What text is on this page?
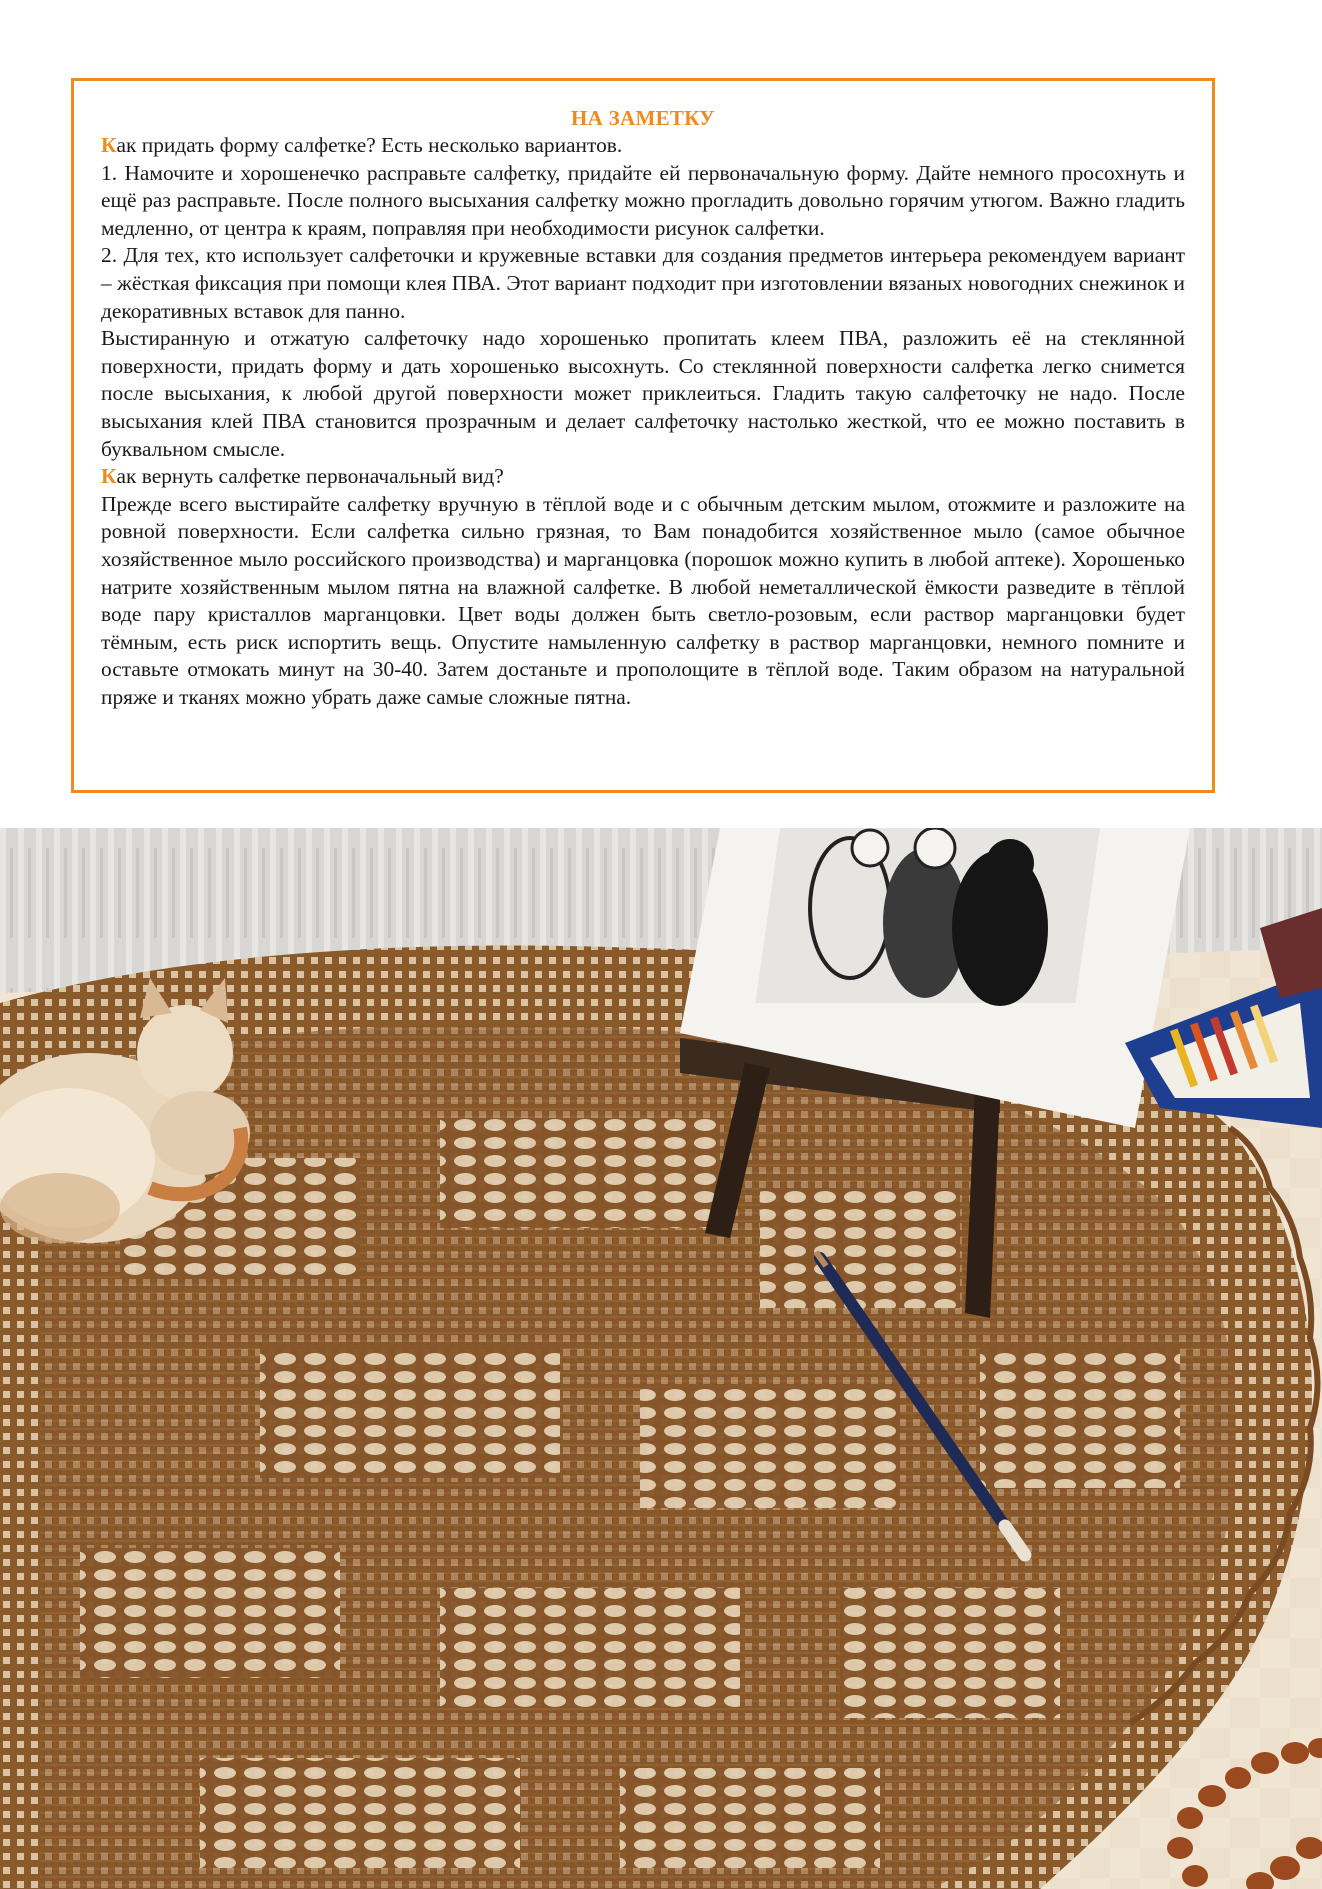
НА ЗАМЕТКУ

Как придать форму салфетке? Есть несколько вариантов.

1. Намочите и хорошенечко расправьте салфетку, придайте ей первоначальную форму. Дайте немного просохнуть и ещё раз расправьте. После полного высыхания салфетку можно прогладить довольно горячим утюгом. Важно гладить медленно, от центра к краям, поправляя при необходимости рисунок салфетки.

2. Для тех, кто использует салфеточки и кружевные вставки для создания предметов интерьера рекомендуем вариант – жёсткая фиксация при помощи клея ПВА. Этот вариант подходит при изготовлении вязаных новогодних снежинок и декоративных вставок для панно.

Выстиранную и отжатую салфеточку надо хорошенько пропитать клеем ПВА, разложить её на стеклянной поверхности, придать форму и дать хорошенько высохнуть. Со стеклянной поверхности салфетка легко снимется после высыхания, к любой другой поверхности может приклеиться. Гладить такую салфеточку не надо. После высыхания клей ПВА становится прозрачным и делает салфеточку настолько жесткой, что ее можно поставить в буквальном смысле.

Как вернуть салфетке первоначальный вид?

Прежде всего выстирайте салфетку вручную в тёплой воде и с обычным детским мылом, отожмите и разложите на ровной поверхности. Если салфетка сильно грязная, то Вам понадобится хозяйственное мыло (самое обычное хозяйственное мыло российского производства) и марганцовка (порошок можно купить в любой аптеке). Хорошенько натрите хозяйственным мылом пятна на влажной салфетке. В любой неметаллической ёмкости разведите в тёплой воде пару кристаллов марганцовки. Цвет воды должен быть светло-розовым, если раствор марганцовки будет тёмным, есть риск испортить вещь. Опустите намыленную салфетку в раствор марганцовки, немного помните и оставьте отмокать минут на 30-40. Затем достаньте и прополощите в тёплой воде. Таким образом на натуральной пряже и тканях можно убрать даже самые сложные пятна.
